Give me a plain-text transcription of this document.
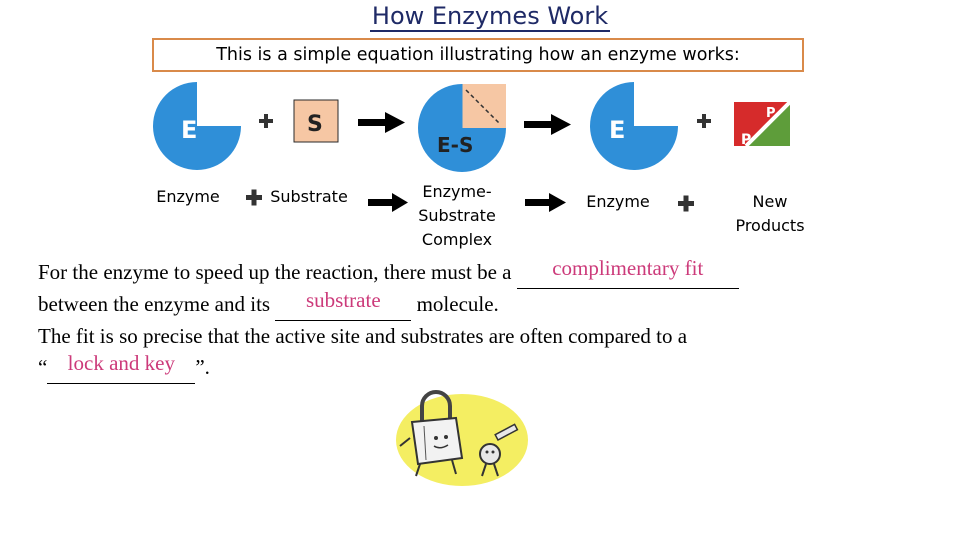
How Enzymes Work
This is a simple equation illustrating how an enzyme works:
E	S
E-S
E
P
P
Enzyme	Substrate	Enzyme-
Substrate
Complex
Enzyme	New
Products
For the enzyme to speed up the reaction, there must be a complimentary fit
between the enzyme and its substrate molecule.
The fit is so precise that the active site and substrates are often compared to a
“ lock and key ”.
